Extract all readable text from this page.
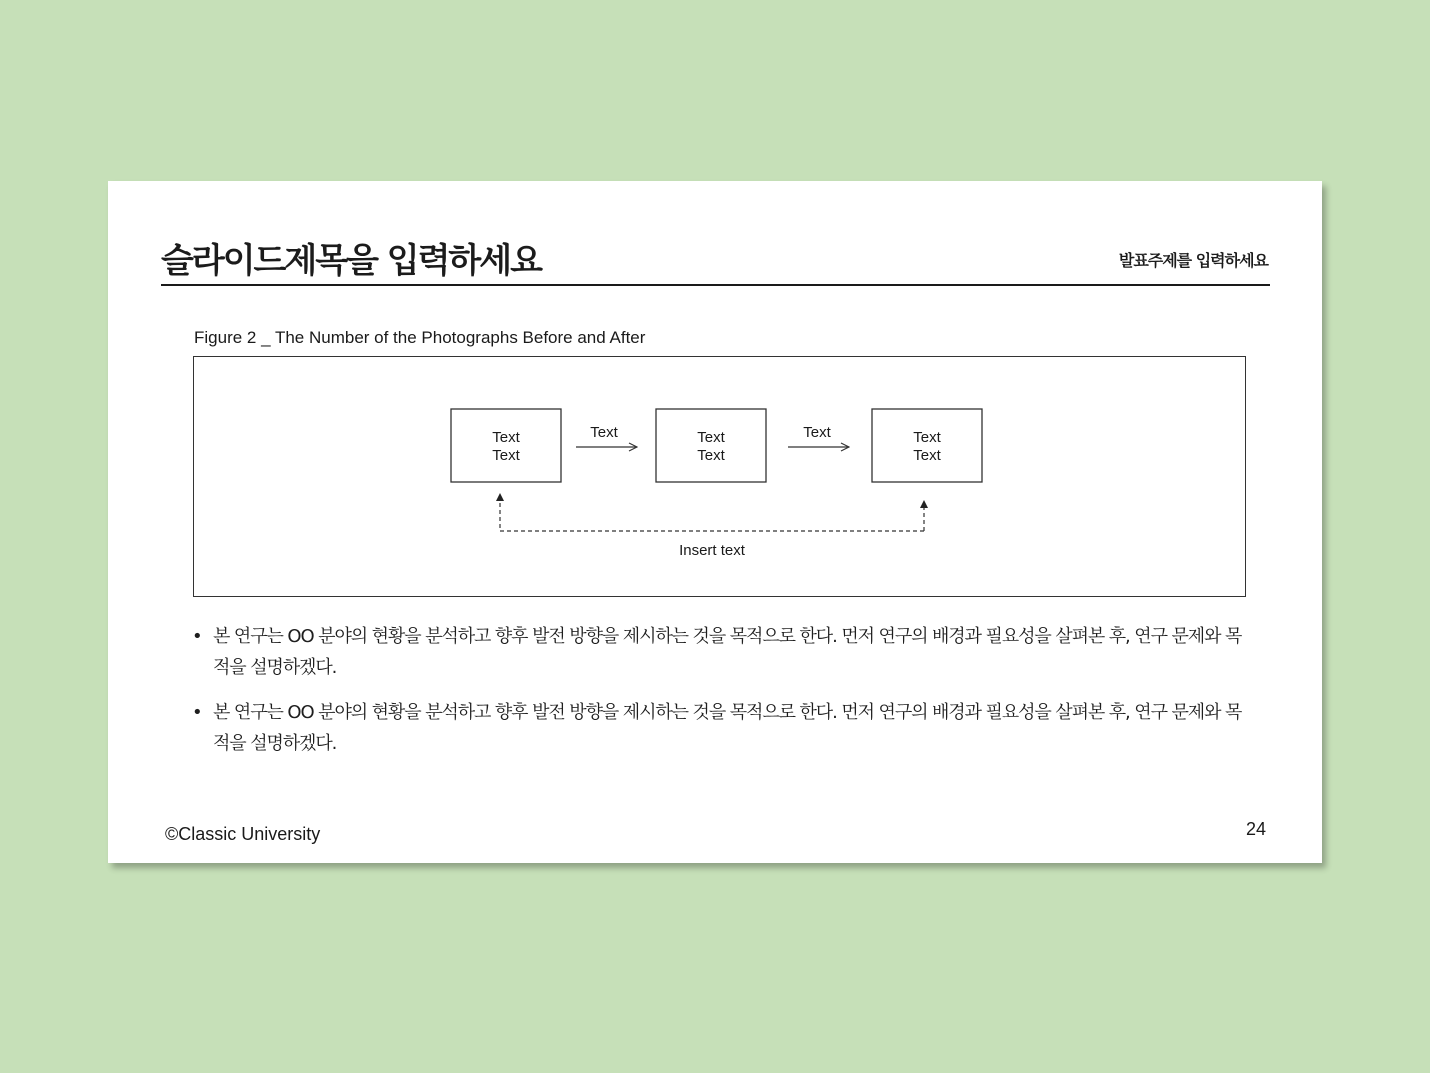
슬라이드제목을 입력하세요	발표주제를 입력하세요
Figure 2 _ The Number of the Photographs Before and After
Text
Text
Text
Text
Text
Text
Text	Text
Insert text
• 본 연구는 OO 분야의 현황을 분석하고 향후 발전 방향을 제시하는 것을 목적으로 한다. 먼저 연구의 배경과 필요성을 살펴본 후, 연구 문제와 목적을 설명하겠다.
• 본 연구는 OO 분야의 현황을 분석하고 향후 발전 방향을 제시하는 것을 목적으로 한다. 먼저 연구의 배경과 필요성을 살펴본 후, 연구 문제와 목적을 설명하겠다.
©Classic University	24
